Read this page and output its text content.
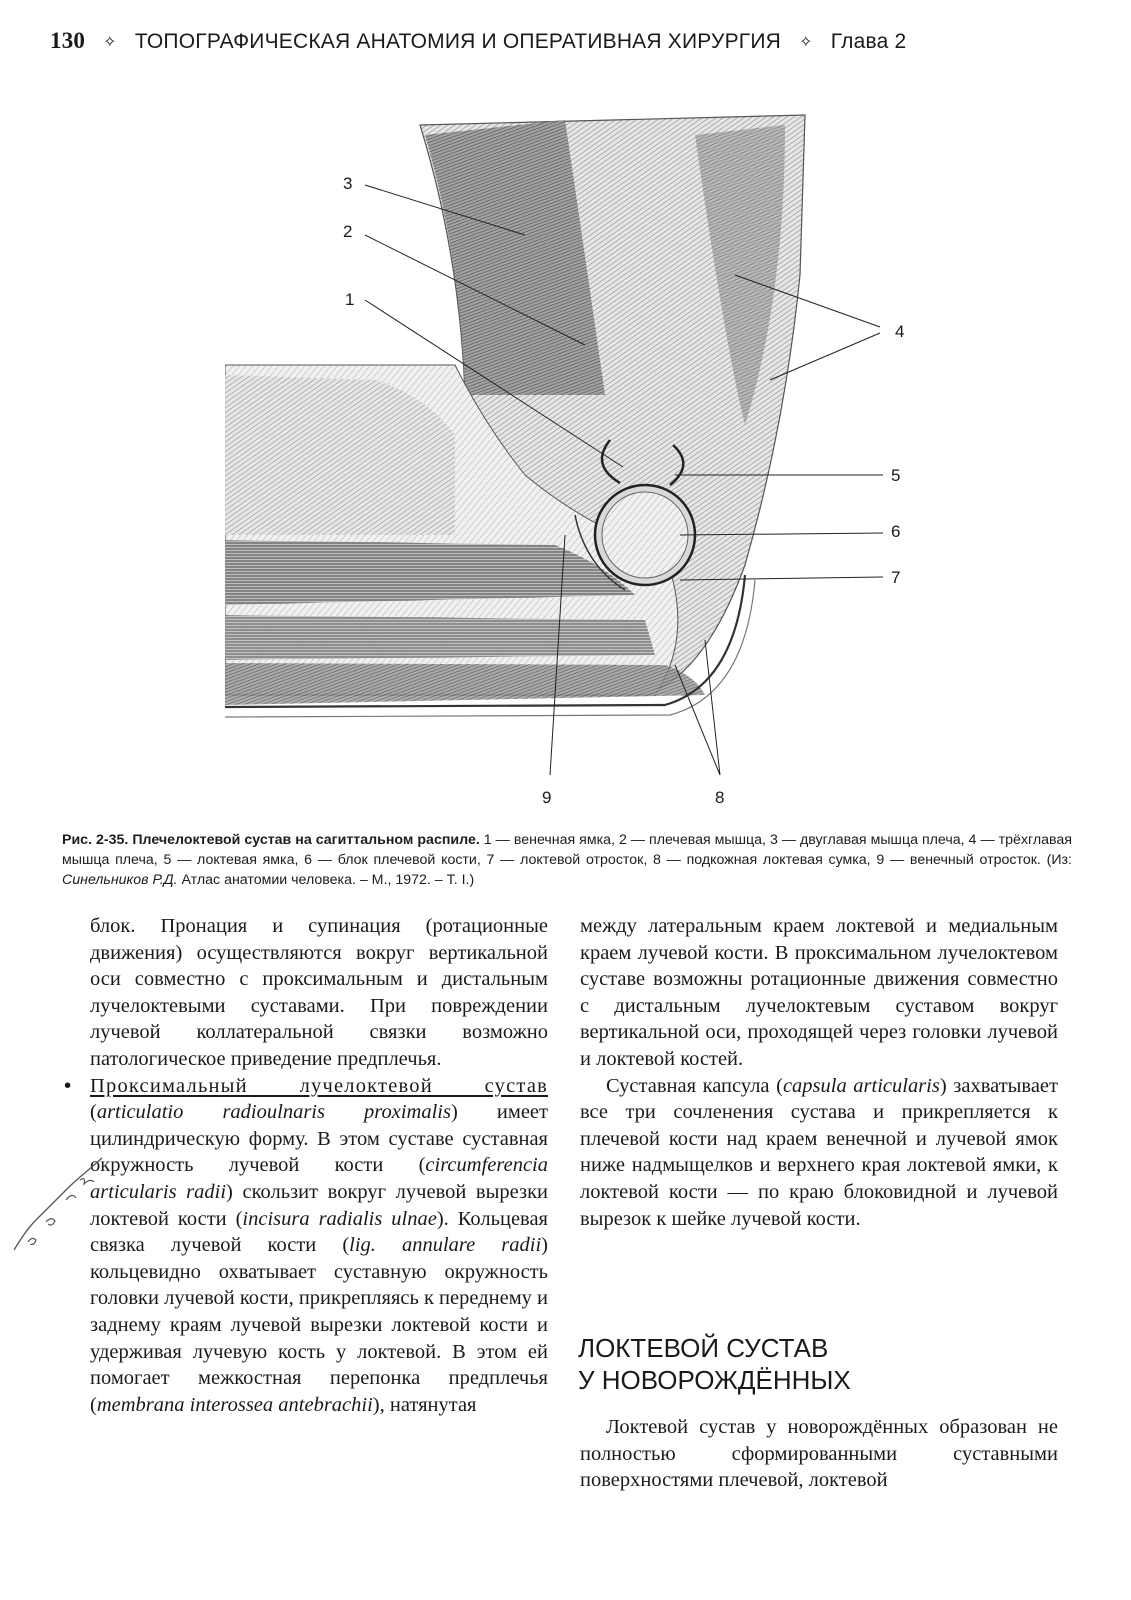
130 ✧ ТОПОГРАФИЧЕСКАЯ АНАТОМИЯ И ОПЕРАТИВНАЯ ХИРУРГИЯ ✧ Глава 2
3
2
1
4
5
6
7
8
9
Рис. 2-35. Плечелоктевой сустав на сагиттальном распиле. 1 — венечная ямка, 2 — плечевая мышца, 3 — двуглавая мышца плеча, 4 — трёхглавая мышца плеча, 5 — локтевая ямка, 6 — блок плечевой кости, 7 — локтевой отросток, 8 — подкожная локтевая сумка, 9 — венечный отросток. (Из: Синельников Р.Д. Атлас анатомии человека. – М., 1972. – Т. I.)

блок. Пронация и супинация (ротационные движения) осуществляются вокруг вертикальной оси совместно с проксимальным и дистальным лучелоктевыми суставами. При повреждении лучевой коллатеральной связки возможно патологическое приведение предплечья.

• Проксимальный лучелоктевой сустав (articulatio radioulnaris proximalis) имеет цилиндрическую форму. В этом суставе суставная окружность лучевой кости (circumferencia articularis radii) скользит вокруг лучевой вырезки локтевой кости (incisura radialis ulnae). Кольцевая связка лучевой кости (lig. annulare radii) кольцевидно охватывает суставную окружность головки лучевой кости, прикрепляясь к переднему и заднему краям лучевой вырезки локтевой кости и удерживая лучевую кость у локтевой. В этом ей помогает межкостная перепонка предплечья (membrana interossea antebrachii), натянутая

между латеральным краем локтевой и медиальным краем лучевой кости. В проксимальном лучелоктевом суставе возможны ротационные движения совместно с дистальным лучелоктевым суставом вокруг вертикальной оси, проходящей через головки лучевой и локтевой костей.

Суставная капсула (capsula articularis) захватывает все три сочленения сустава и прикрепляется к плечевой кости над краем венечной и лучевой ямок ниже надмыщелков и верхнего края локтевой ямки, к локтевой кости — по краю блоковидной и лучевой вырезок к шейке лучевой кости.

ЛОКТЕВОЙ СУСТАВ
У НОВОРОЖДЁННЫХ

Локтевой сустав у новорождённых образован не полностью сформированными суставными поверхностями плечевой, локтевой
